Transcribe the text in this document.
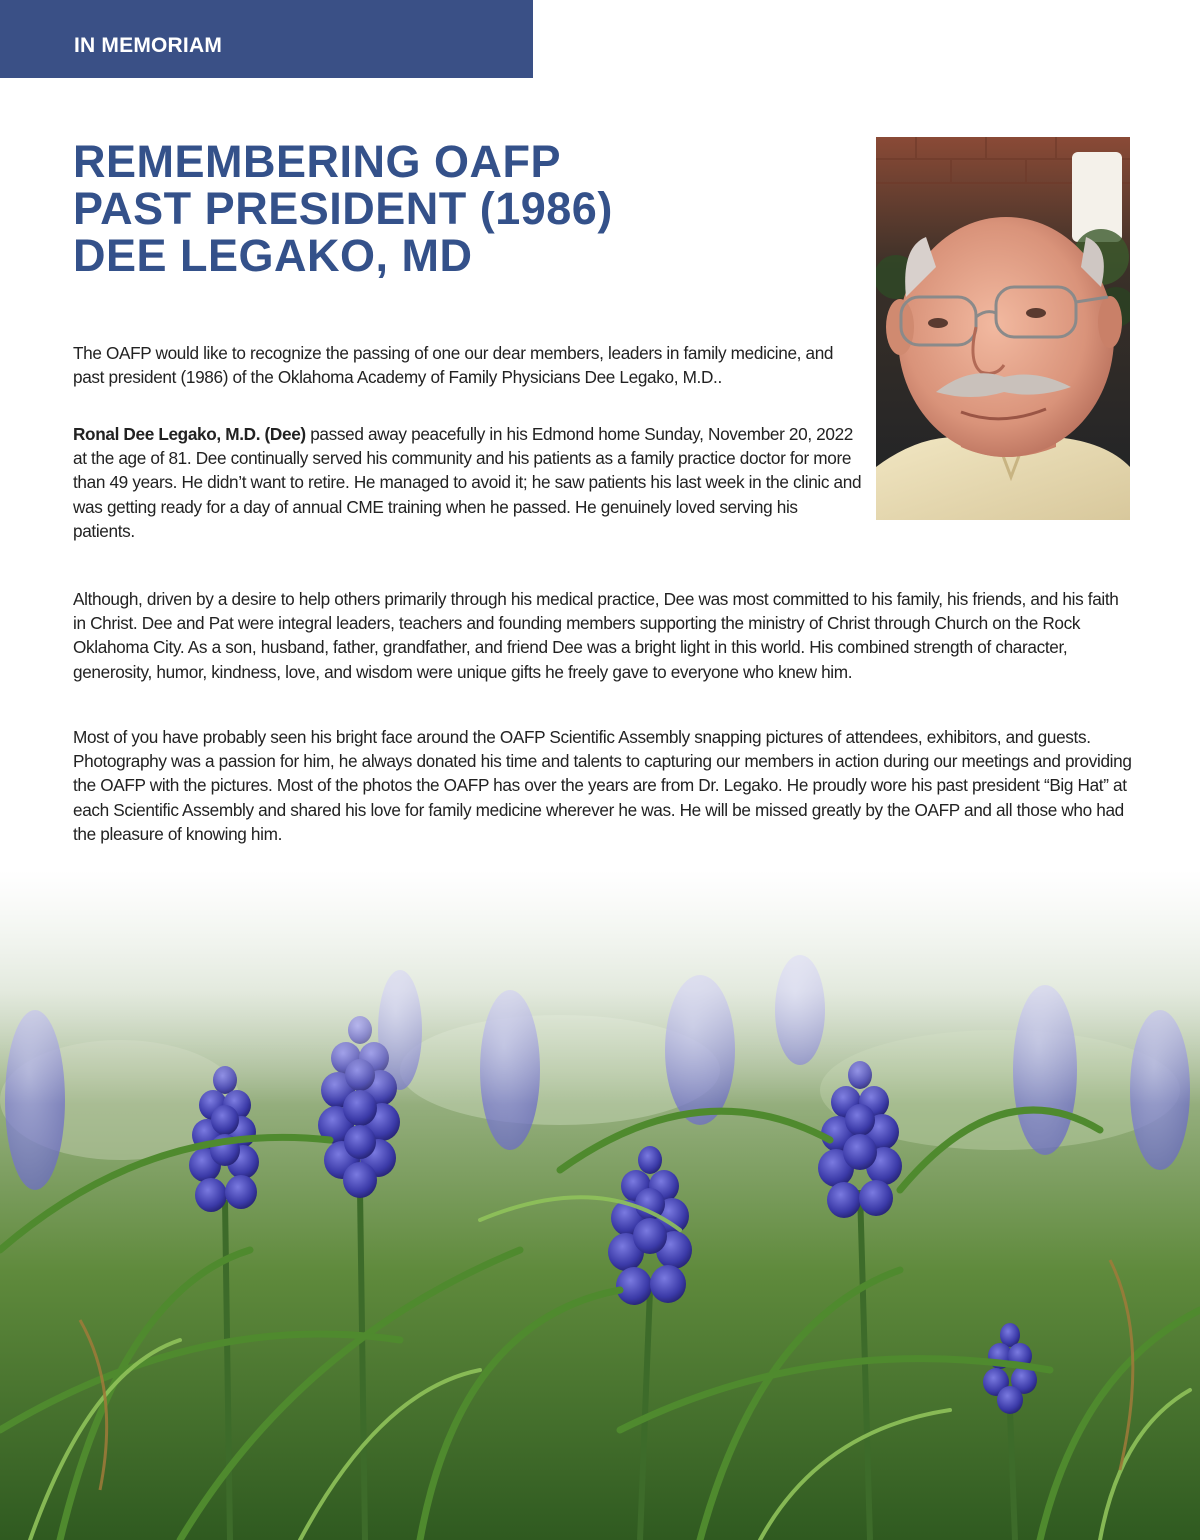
IN MEMORIAM
REMEMBERING OAFP
PAST PRESIDENT (1986)
DEE LEGAKO, MD

The OAFP would like to recognize the passing of one our dear members, leaders in family medicine, and past president (1986) of the Oklahoma Academy of Family Physicians Dee Legako, M.D..

Ronal Dee Legako, M.D. (Dee) passed away peacefully in his Edmond home Sunday, November 20, 2022 at the age of 81. Dee continually served his community and his patients as a family practice doctor for more than 49 years. He didn’t want to retire. He managed to avoid it; he saw patients his last week in the clinic and was getting ready for a day of annual CME training when he passed. He genuinely loved serving his patients.

Although, driven by a desire to help others primarily through his medical practice, Dee was most committed to his family, his friends, and his faith in Christ. Dee and Pat were integral leaders, teachers and founding members supporting the ministry of Christ through Church on the Rock Oklahoma City. As a son, husband, father, grandfather, and friend Dee was a bright light in this world. His combined strength of character, generosity, humor, kindness, love, and wisdom were unique gifts he freely gave to everyone who knew him.

Most of you have probably seen his bright face around the OAFP Scientific Assembly snapping pictures of attendees, exhibitors, and guests. Photography was a passion for him, he always donated his time and talents to capturing our members in action during our meetings and providing the OAFP with the pictures. Most of the photos the OAFP has over the years are from Dr. Legako. He proudly wore his past president “Big Hat” at each Scientific Assembly and shared his love for family medicine wherever he was. He will be missed greatly by the OAFP and all those who had the pleasure of knowing him.
